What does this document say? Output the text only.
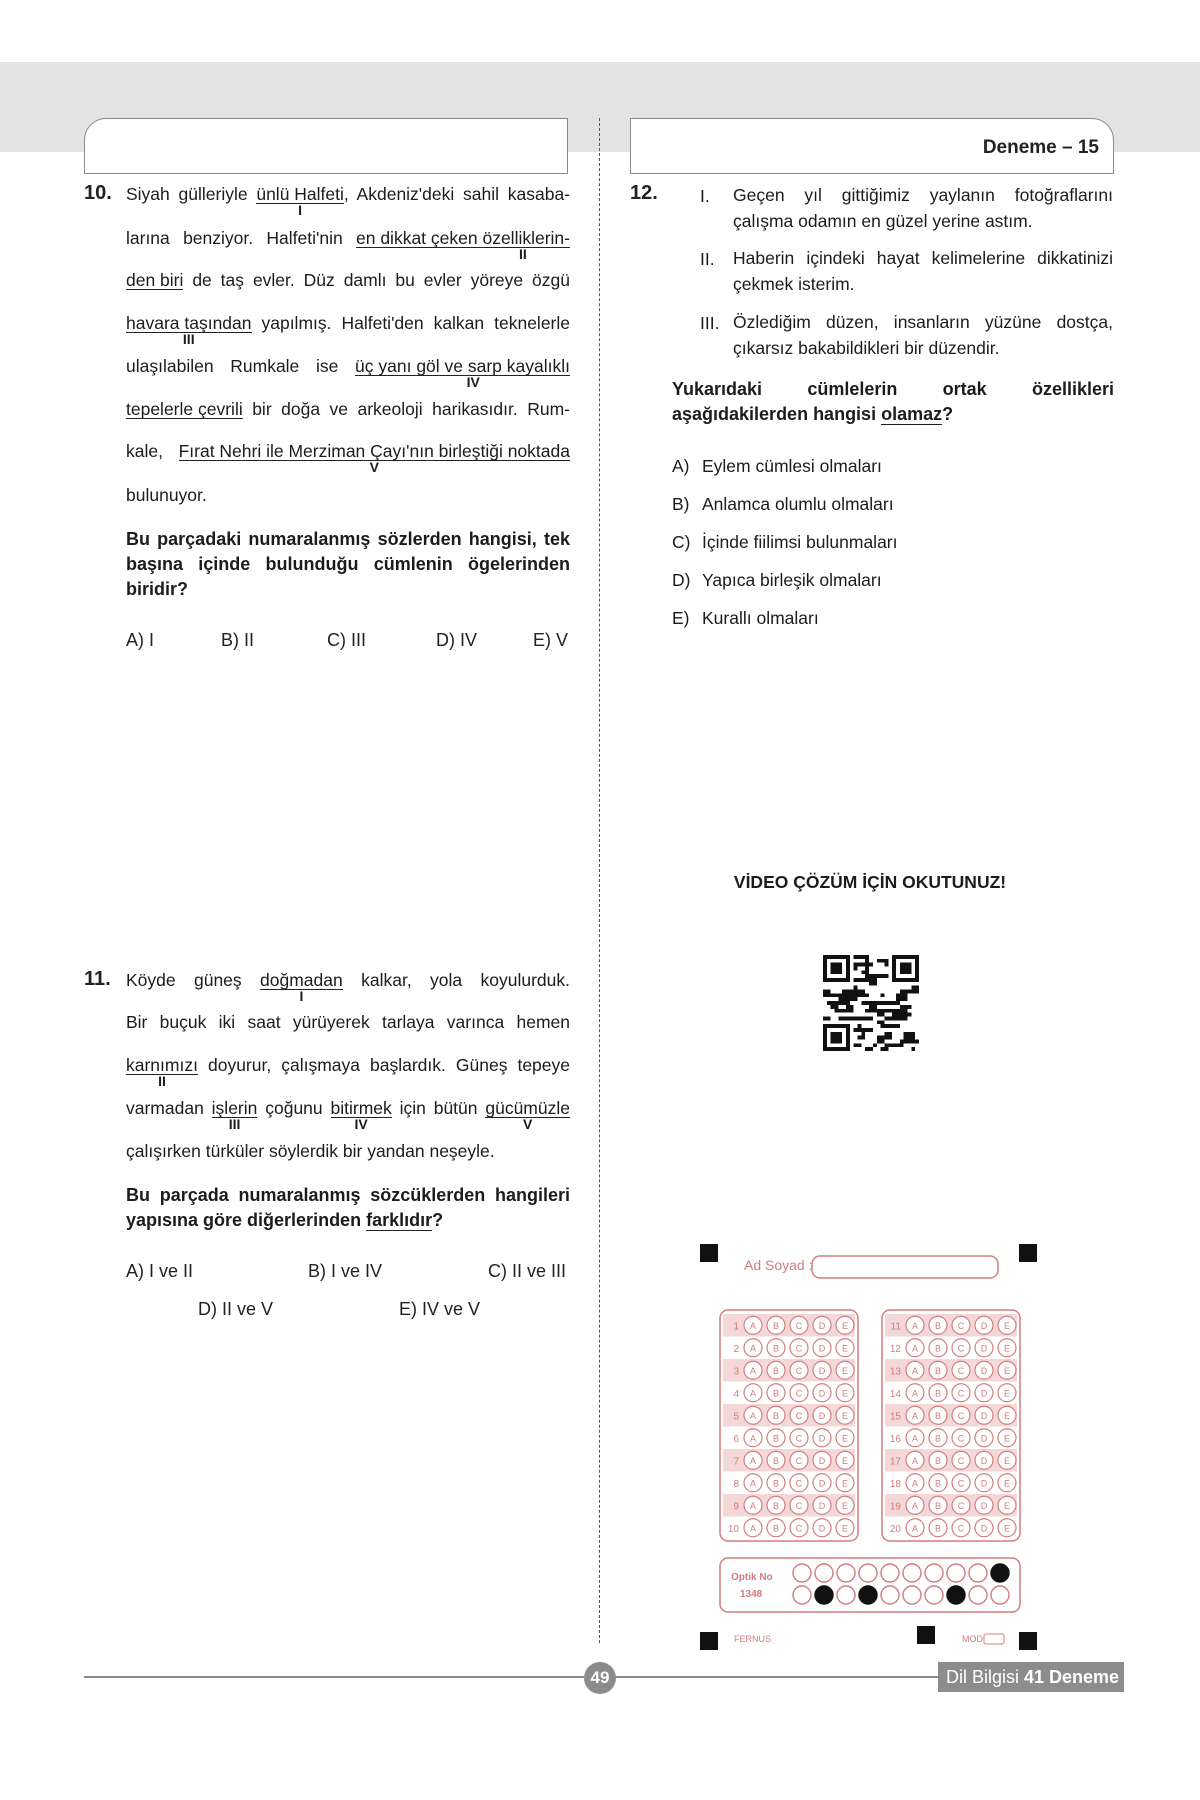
Deneme – 15
10. Siyah gülleriyle ünlü Halfeti
I
, Akdeniz'deki sahil kasaba-
larına benziyor. Halfeti'nin en dikkat çeken özelliklerin-
II
den biri de taş evler. Düz damlı bu evler yöreye özgü
havara taşından
III
yapılmış. Halfeti'den kalkan teknelerle
ulaşılabilen Rumkale ise üç yanı göl ve sarp kayalıklı
IV
tepelerle çevrili bir doğa ve arkeoloji harikasıdır. Rum-
kale, Fırat Nehri ile Merziman Çayı'nın birleştiği noktada
V
bulunuyor.
Bu parçadaki numaralanmış sözlerden hangisi, tek başına içinde bulunduğu cümlenin ögelerinden biridir?
A) I	B) II	C) III	D) IV	E) V
11. Köyde güneş doğmadan
I
kalkar, yola koyulurduk.
Bir buçuk iki saat yürüyerek tarlaya varınca hemen
karnımızı
II
doyurur, çalışmaya başlardık. Güneş tepeye
varmadan işlerin
III
çoğunu bitirmek
IV
için bütün gücümüzle
V
çalışırken türküler söylerdik bir yandan neşeyle.
Bu parçada numaralanmış sözcüklerden hangileri yapısına göre diğerlerinden farklıdır?
A) I ve II	B) I ve IV	C) II ve III
D) II ve V	E) IV ve V
12. I. Geçen yıl gittiğimiz yaylanın fotoğraflarını çalışma odamın en güzel yerine astım.
II. Haberin içindeki hayat kelimelerine dikkatinizi çekmek isterim.
III. Özlediğim düzen, insanların yüzüne dostça, çıkarsız bakabildikleri bir düzendir.
Yukarıdaki cümlelerin ortak özellikleri aşağıdakilerden hangisi olamaz?
A) Eylem cümlesi olmaları
B) Anlamca olumlu olmaları
C) İçinde fiilimsi bulunmaları
D) Yapıca birleşik olmaları
E) Kurallı olmaları
VİDEO ÇÖZÜM İÇİN OKUTUNUZ!
Ad Soyad :
1 A B C D E
2 A B C D E
3 A B C D E
4 A B C D E
5 A B C D E
6 A B C D E
7 A B C D E
8 A B C D E
9 A B C D E
10 A B C D E
11 A B C D E
12 A B C D E
13 A B C D E
14 A B C D E
15 A B C D E
16 A B C D E
17 A B C D E
18 A B C D E
19 A B C D E
20 A B C D E
Optik No
1348
FERNUS	MOD
49	Dil Bilgisi 41 Deneme
